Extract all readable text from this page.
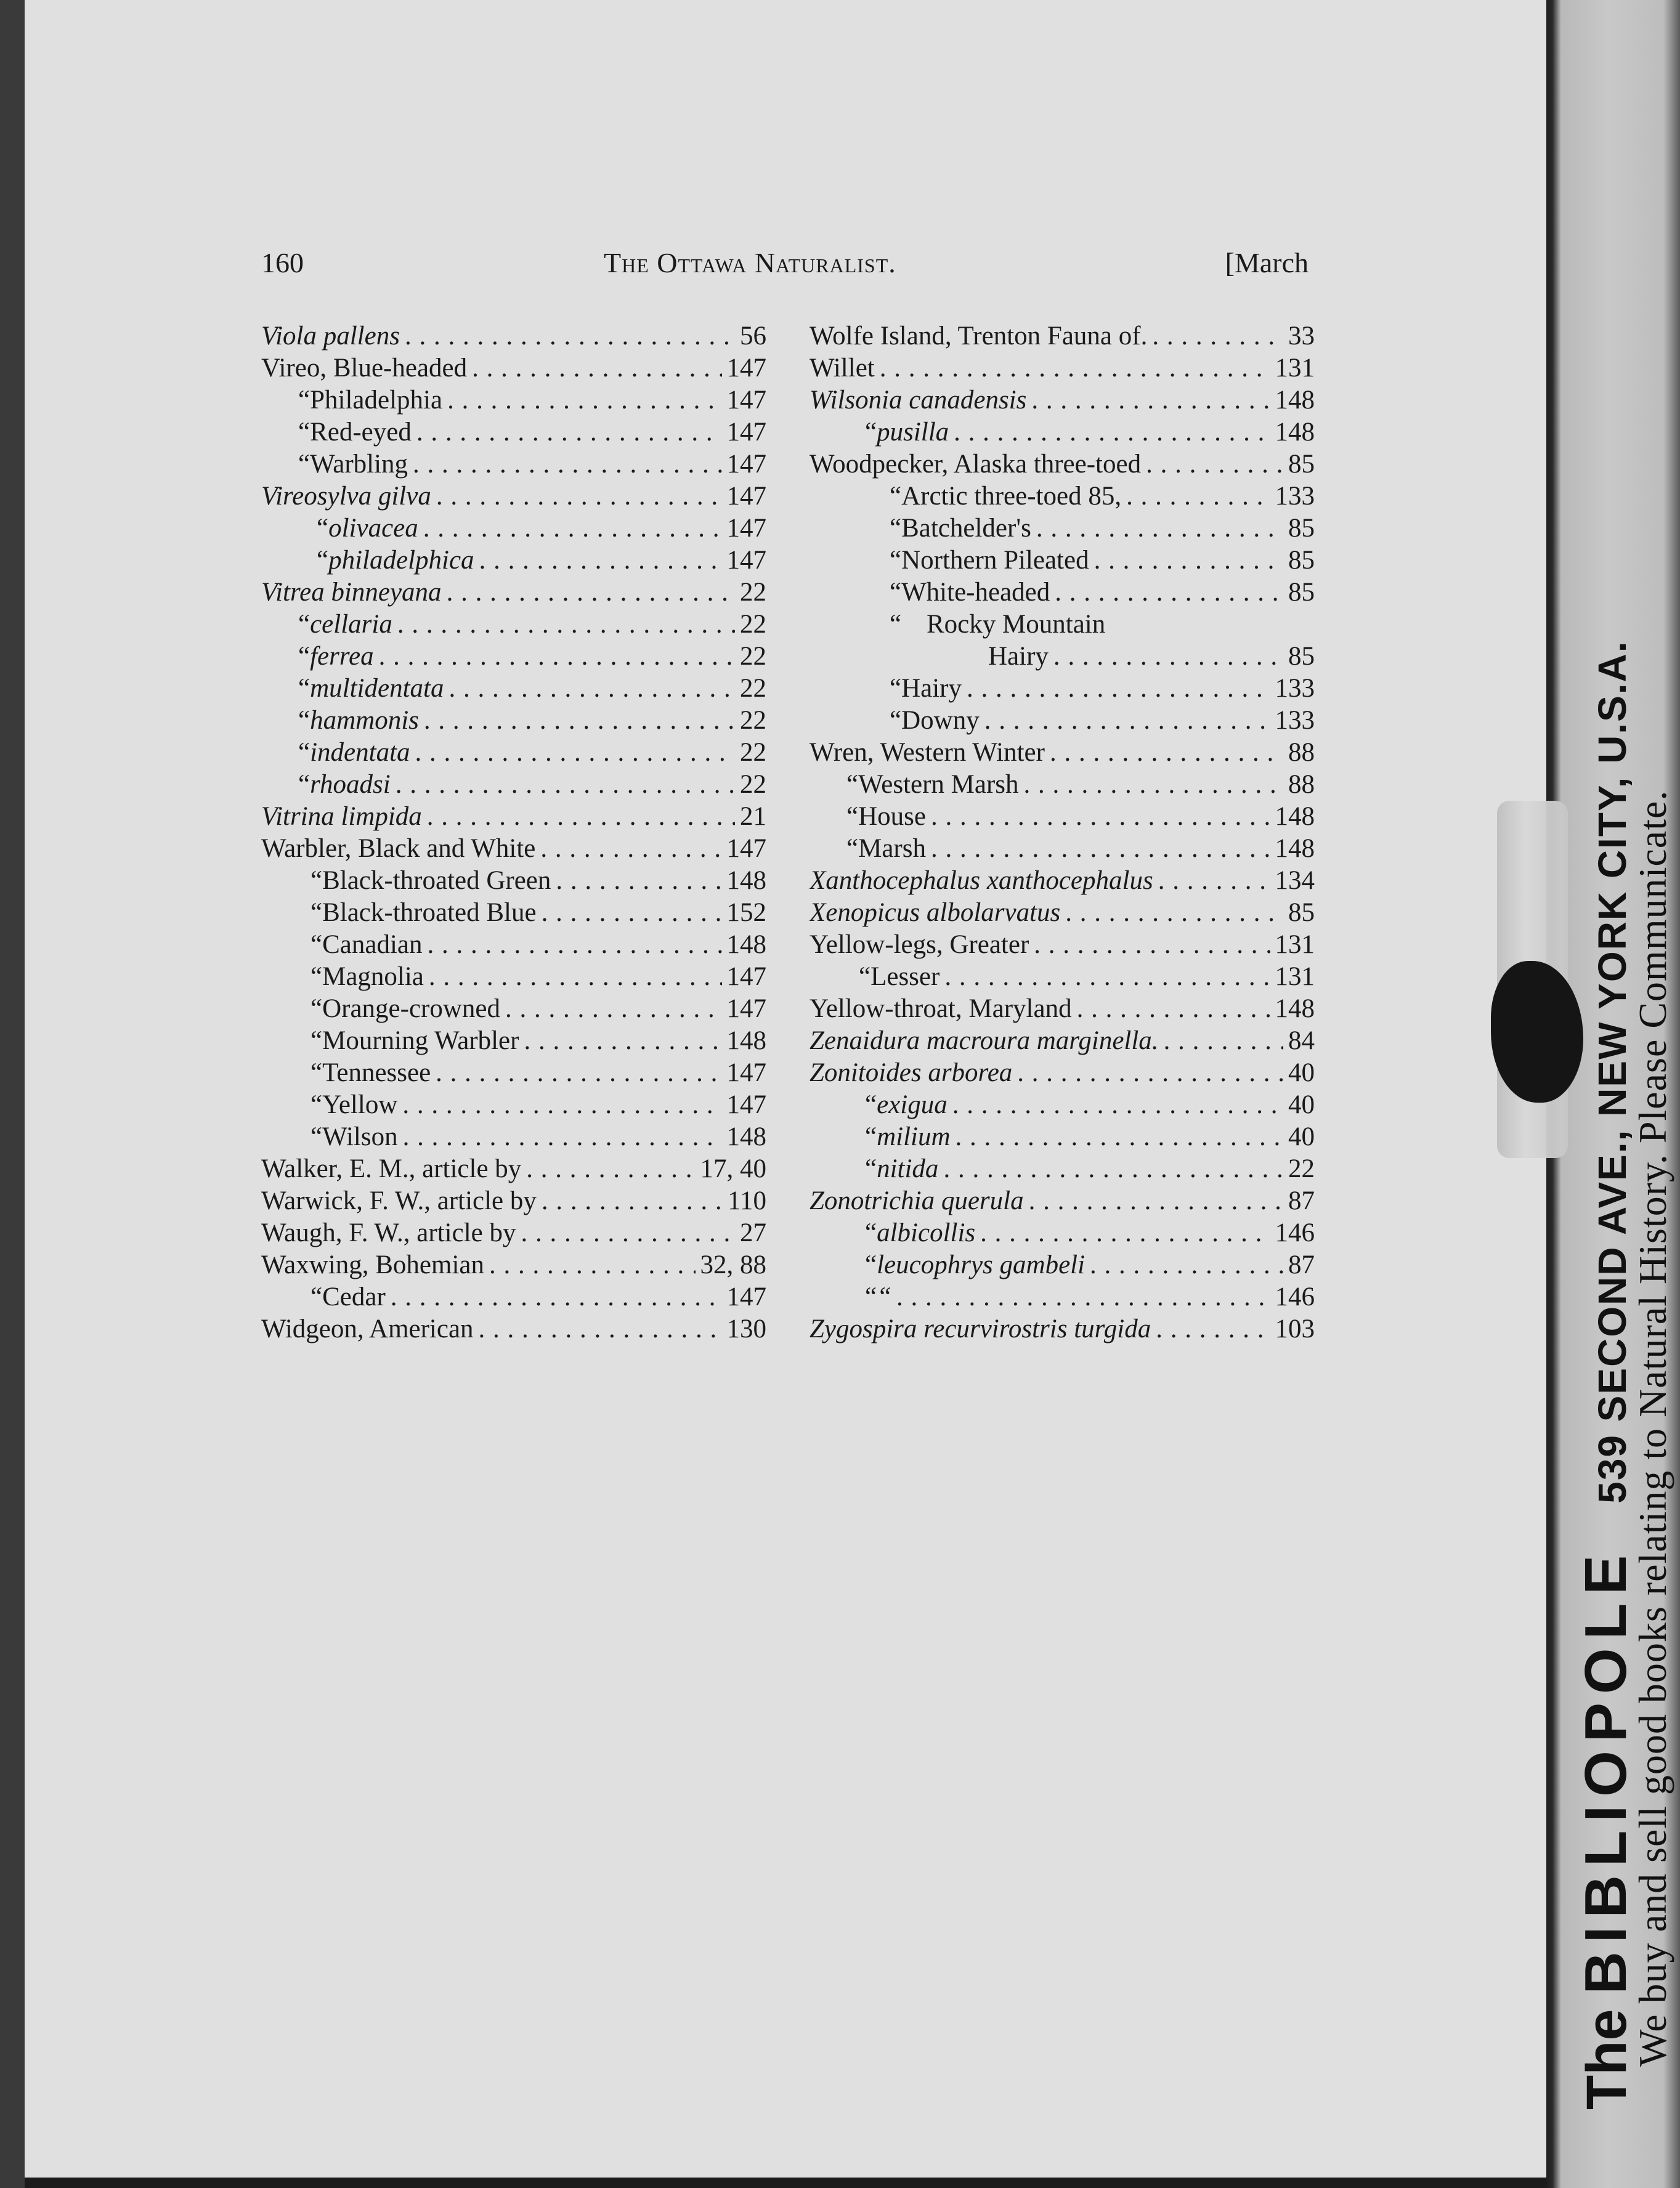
160	The Ottawa Naturalist.	[March
Viola pallens . . .	56
Vireo, Blue-headed . . .	147
“ Philadelphia . . .	147
“ Red-eyed . . .	147
“ Warbling . . .	147
Vireosylva gilva . . .	147
“ olivacea . . .	147
“ philadelphica . . .	147
Vitrea binneyana . . .	22
“ cellaria . . .	22
“ ferrea . . .	22
“ multidentata . . .	22
“ hammonis . . .	22
“ indentata . . .	22
“ rhoadsi . . .	22
Vitrina limpida . . .	21
Warbler, Black and White . . .	147
“ Black-throated Green . . .	148
“ Black-throated Blue . . .	152
“ Canadian . . .	148
“ Magnolia . . .	147
“ Orange-crowned . . .	147
“ Mourning Warbler . . .	148
“ Tennessee . . .	147
“ Yellow . . .	147
“ Wilson . . .	148
Walker, E. M., article by . . .	17, 40
Warwick, F. W., article by . . .	110
Waugh, F. W., article by . . .	27
Waxwing, Bohemian . . .	32, 88
“ Cedar . . .	147
Widgeon, American . . .	130
Wolfe Island, Trenton Fauna of. . . .	33
Willet . . .	131
Wilsonia canadensis . . .	148
“ pusilla . . .	148
Woodpecker, Alaska three-toed . . .	85
“ Arctic three-toed 85, . . .	133
“ Batchelder's . . .	85
“ Northern Pileated . . .	85
“ White-headed . . .	85
“ Rocky Mountain
Hairy . . .	85
“ Hairy . . .	133
“ Downy . . .	133
Wren, Western Winter . . .	88
“ Western Marsh . . .	88
“ House . . .	148
“ Marsh . . .	148
Xanthocephalus xanthocephalus . . .	134
Xenopicus albolarvatus . . .	85
Yellow-legs, Greater . . .	131
“ Lesser . . .	131
Yellow-throat, Maryland . . .	148
Zenaidura macroura marginella. . . .	84
Zonitoides arborea . . .	40
“ exigua . . .	40
“ milium . . .	40
“ nitida . . .	22
Zonotrichia querula . . .	87
“ albicollis . . .	146
“ leucophrys gambeli . . .	87
“ “ . . .	146
Zygospira recurvirostris turgida . . .	103
The
BIBLIOPOLE
539 SECOND AVE., NEW YORK CITY, U.S.A.
We buy and sell good books relating to Natural History. Please Communicate.
